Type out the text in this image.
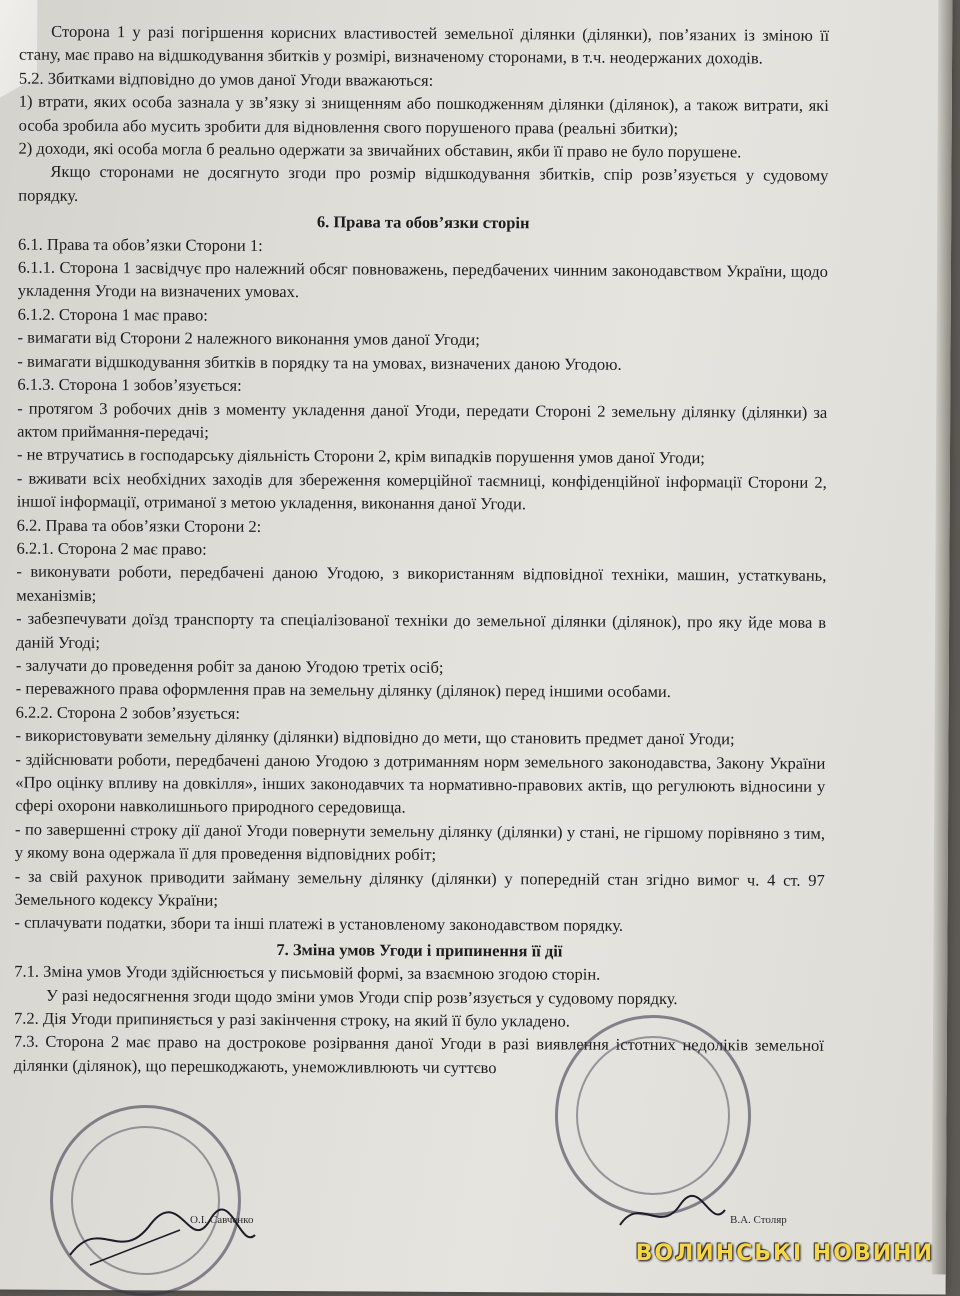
Сторона 1 у разі погіршення корисних властивостей земельної ділянки (ділянки), пов’язаних із зміною її стану, має право на відшкодування збитків у розмірі, визначеному сторонами, в т.ч. неодержаних доходів.

5.2. Збитками відповідно до умов даної Угоди вважаються:

1) втрати, яких особа зазнала у зв’язку зі знищенням або пошкодженням ділянки (ділянок), а також витрати, які особа зробила або мусить зробити для відновлення свого порушеного права (реальні збитки);

2) доходи, які особа могла б реально одержати за звичайних обставин, якби її право не було порушене.

Якщо сторонами не досягнуто згоди про розмір відшкодування збитків, спір розв’язується у судовому порядку.

6. Права та обов’язки сторін

6.1. Права та обов’язки Сторони 1:

6.1.1. Сторона 1 засвідчує про належний обсяг повноважень, передбачених чинним законодавством України, щодо укладення Угоди на визначених умовах.

6.1.2. Сторона 1 має право:

- вимагати від Сторони 2 належного виконання умов даної Угоди;

- вимагати відшкодування збитків в порядку та на умовах, визначених даною Угодою.

6.1.3. Сторона 1 зобов’язується:

- протягом 3 робочих днів з моменту укладення даної Угоди, передати Стороні 2 земельну ділянку (ділянки) за актом приймання-передачі;

- не втручатись в господарську діяльність Сторони 2, крім випадків порушення умов даної Угоди;

- вживати всіх необхідних заходів для збереження комерційної таємниці, конфіденційної інформації Сторони 2, іншої інформації, отриманої з метою укладення, виконання даної Угоди.

6.2. Права та обов’язки Сторони 2:

6.2.1. Сторона 2 має право:

- виконувати роботи, передбачені даною Угодою, з використанням відповідної техніки, машин, устаткувань, механізмів;

- забезпечувати доїзд транспорту та спеціалізованої техніки до земельної ділянки (ділянок), про яку йде мова в даній Угоді;

- залучати до проведення робіт за даною Угодою третіх осіб;

- переважного права оформлення прав на земельну ділянку (ділянок) перед іншими особами.

6.2.2. Сторона 2 зобов’язується:

- використовувати земельну ділянку (ділянки) відповідно до мети, що становить предмет даної Угоди;

- здійснювати роботи, передбачені даною Угодою з дотриманням норм земельного законодавства, Закону України «Про оцінку впливу на довкілля», інших законодавчих та нормативно-правових актів, що регулюють відносини у сфері охорони навколишнього природного середовища.

- по завершенні строку дії даної Угоди повернути земельну ділянку (ділянки) у стані, не гіршому порівняно з тим, у якому вона одержала її для проведення відповідних робіт;

- за свій рахунок приводити займану земельну ділянку (ділянки) у попередній стан згідно вимог ч. 4 ст. 97 Земельного кодексу України;

- сплачувати податки, збори та інші платежі в установленому законодавством порядку.

7. Зміна умов Угоди і припинення її дії

7.1. Зміна умов Угоди здійснюється у письмовій формі, за взаємною згодою сторін.

У разі недосягнення згоди щодо зміни умов Угоди спір розв’язується у судовому порядку.

7.2. Дія Угоди припиняється у разі закінчення строку, на який її було укладено.

7.3. Сторона 2 має право на дострокове розірвання даної Угоди в разі виявлення істотних недоліків земельної ділянки (ділянок), що перешкоджають, унеможливлюють чи суттєво

О.І. Савченко	В.А. Столяр
ВОЛИНСЬКІ НОВИНИ
